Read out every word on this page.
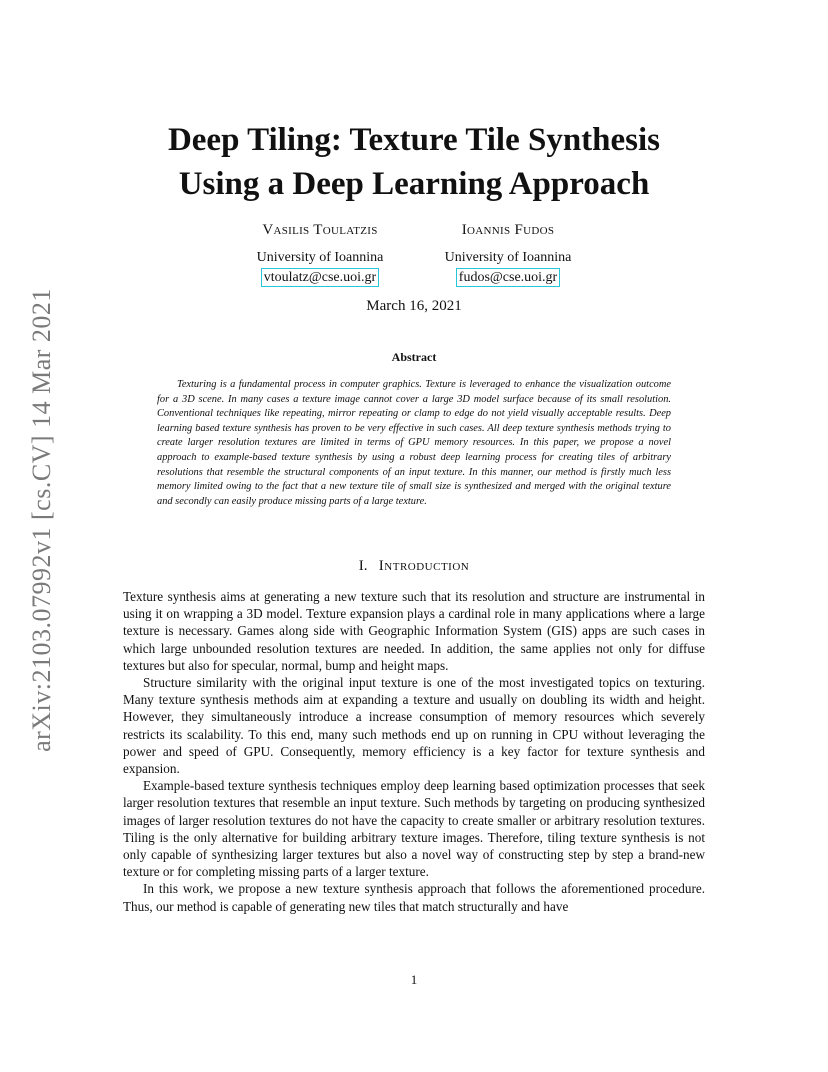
arXiv:2103.07992v1 [cs.CV] 14 Mar 2021
Deep Tiling: Texture Tile Synthesis
Using a Deep Learning Approach
Vasilis Toulatzis
University of Ioannina
vtoulatz@cse.uoi.gr
Ioannis Fudos
University of Ioannina
fudos@cse.uoi.gr
March 16, 2021
Abstract

Texturing is a fundamental process in computer graphics. Texture is leveraged to enhance the visualization outcome for a 3D scene. In many cases a texture image cannot cover a large 3D model surface because of its small resolution. Conventional techniques like repeating, mirror repeating or clamp to edge do not yield visually acceptable results. Deep learning based texture synthesis has proven to be very effective in such cases. All deep texture synthesis methods trying to create larger resolution textures are limited in terms of GPU memory resources. In this paper, we propose a novel approach to example-based texture synthesis by using a robust deep learning process for creating tiles of arbitrary resolutions that resemble the structural components of an input texture. In this manner, our method is firstly much less memory limited owing to the fact that a new texture tile of small size is synthesized and merged with the original texture and secondly can easily produce missing parts of a large texture.

I. Introduction

Texture synthesis aims at generating a new texture such that its resolution and structure are instrumental in using it on wrapping a 3D model. Texture expansion plays a cardinal role in many applications where a large texture is necessary. Games along side with Geographic Information System (GIS) apps are such cases in which large unbounded resolution textures are needed. In addition, the same applies not only for diffuse textures but also for specular, normal, bump and height maps.

Structure similarity with the original input texture is one of the most investigated topics on texturing. Many texture synthesis methods aim at expanding a texture and usually on doubling its width and height. However, they simultaneously introduce a increase consumption of memory resources which severely restricts its scalability. To this end, many such methods end up on running in CPU without leveraging the power and speed of GPU. Consequently, memory efficiency is a key factor for texture synthesis and expansion.

Example-based texture synthesis techniques employ deep learning based optimization processes that seek larger resolution textures that resemble an input texture. Such methods by targeting on producing synthesized images of larger resolution textures do not have the capacity to create smaller or arbitrary resolution textures. Tiling is the only alternative for building arbitrary texture images. Therefore, tiling texture synthesis is not only capable of synthesizing larger textures but also a novel way of constructing step by step a brand-new texture or for completing missing parts of a larger texture.

In this work, we propose a new texture synthesis approach that follows the aforementioned procedure. Thus, our method is capable of generating new tiles that match structurally and have

1
